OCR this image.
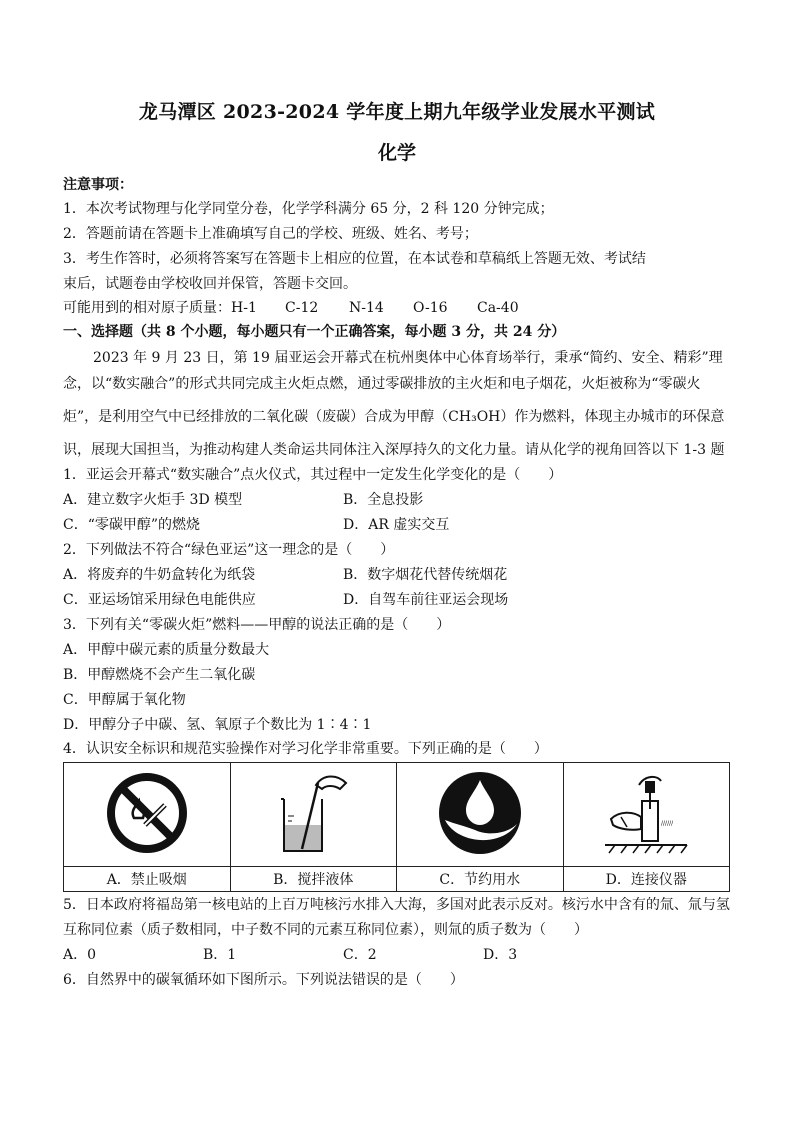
龙马潭区 2023-2024 学年度上期九年级学业发展水平测试
化学
注意事项：
1．本次考试物理与化学同堂分卷，化学学科满分 65 分，2 科 120 分钟完成；
2．答题前请在答题卡上准确填写自己的学校、班级、姓名、考号；
3．考生作答时，必须将答案写在答题卡上相应的位置，在本试卷和草稿纸上答题无效、考试结
束后，试题卷由学校收回并保管，答题卡交回。
可能用到的相对原子质量：H-1 C-12 N-14 O-16 Ca-40
一、选择题（共 8 个小题，每小题只有一个正确答案，每小题 3 分，共 24 分）
2023 年 9 月 23 日，第 19 届亚运会开幕式在杭州奥体中心体育场举行，秉承“简约、安全、精彩”理
念，以“数实融合”的形式共同完成主火炬点燃，通过零碳排放的主火炬和电子烟花，火炬被称为“零碳火
炬”，是利用空气中已经排放的二氧化碳（废碳）合成为甲醇（CH₃OH）作为燃料，体现主办城市的环保意
识，展现大国担当，为推动构建人类命运共同体注入深厚持久的文化力量。请从化学的视角回答以下 1-3 题
1．亚运会开幕式“数实融合”点火仪式，其过程中一定发生化学变化的是（　　）
A．建立数字火炬手 3D 模型	B．全息投影
C．“零碳甲醇”的燃烧	D．AR 虚实交互
2．下列做法不符合“绿色亚运”这一理念的是（　　）
A．将废弃的牛奶盒转化为纸袋	B．数字烟花代替传统烟花
C．亚运场馆采用绿色电能供应	D．自驾车前往亚运会现场
3．下列有关“零碳火炬”燃料——甲醇的说法正确的是（　　）
A．甲醇中碳元素的质量分数最大
B．甲醇燃烧不会产生二氧化碳
C．甲醇属于氧化物
D．甲醇分子中碳、氢、氧原子个数比为 1∶4∶1
4．认识安全标识和规范实验操作对学习化学非常重要。下列正确的是（　　）

//////

A．禁止吸烟	B．搅拌液体	C．节约用水	D．连接仪器
5．日本政府将福岛第一核电站的上百万吨核污水排入大海，多国对此表示反对。核污水中含有的氚、氚与氢
互称同位素（质子数相同，中子数不同的元素互称同位素），则氚的质子数为（　　）
A．0	B．1	C．2	D．3
6．自然界中的碳氧循环如下图所示。下列说法错误的是（　　）
